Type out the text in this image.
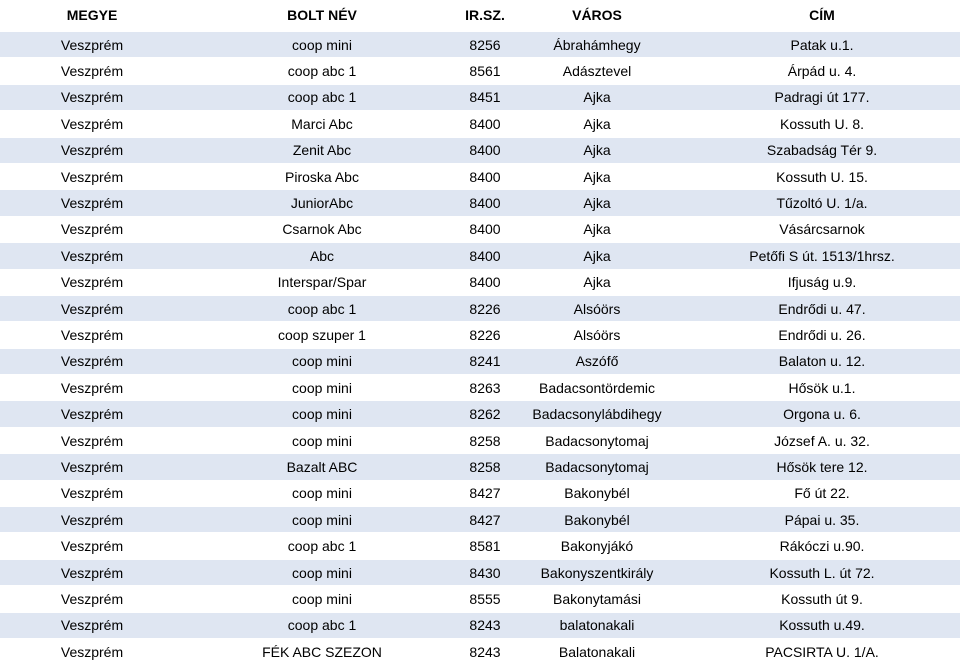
MEGYE	BOLT NÉV	IR.SZ.	VÁROS	CÍM
Veszprém	coop mini	8256	Ábrahámhegy	Patak u.1.
Veszprém	coop abc 1	8561	Adásztevel	Árpád u. 4.
Veszprém	coop abc 1	8451	Ajka	Padragi út 177.
Veszprém	Marci Abc	8400	Ajka	Kossuth U. 8.
Veszprém	Zenit Abc	8400	Ajka	Szabadság Tér 9.
Veszprém	Piroska Abc	8400	Ajka	Kossuth U. 15.
Veszprém	JuniorAbc	8400	Ajka	Tűzoltó U. 1/a.
Veszprém	Csarnok Abc	8400	Ajka	Vásárcsarnok
Veszprém	Abc	8400	Ajka	Petőfi S út. 1513/1hrsz.
Veszprém	Interspar/Spar	8400	Ajka	Ifjuság u.9.
Veszprém	coop abc 1	8226	Alsóörs	Endrődi u. 47.
Veszprém	coop szuper 1	8226	Alsóörs	Endrődi u. 26.
Veszprém	coop mini	8241	Aszófő	Balaton u. 12.
Veszprém	coop mini	8263	Badacsontördemic	Hősök u.1.
Veszprém	coop mini	8262 Badacsonylábdihegy	Orgona u. 6.
Veszprém	coop mini	8258	Badacsonytomaj	József A. u. 32.
Veszprém	Bazalt ABC	8258	Badacsonytomaj	Hősök tere 12.
Veszprém	coop mini	8427	Bakonybél	Fő út 22.
Veszprém	coop mini	8427	Bakonybél	Pápai u. 35.
Veszprém	coop abc 1	8581	Bakonyjákó	Rákóczi u.90.
Veszprém	coop mini	8430	Bakonyszentkirály	Kossuth L. út 72.
Veszprém	coop mini	8555	Bakonytamási	Kossuth út 9.
Veszprém	coop abc 1	8243	balatonakali	Kossuth u.49.
Veszprém	FÉK ABC SZEZON	8243	Balatonakali	PACSIRTA U. 1/A.
